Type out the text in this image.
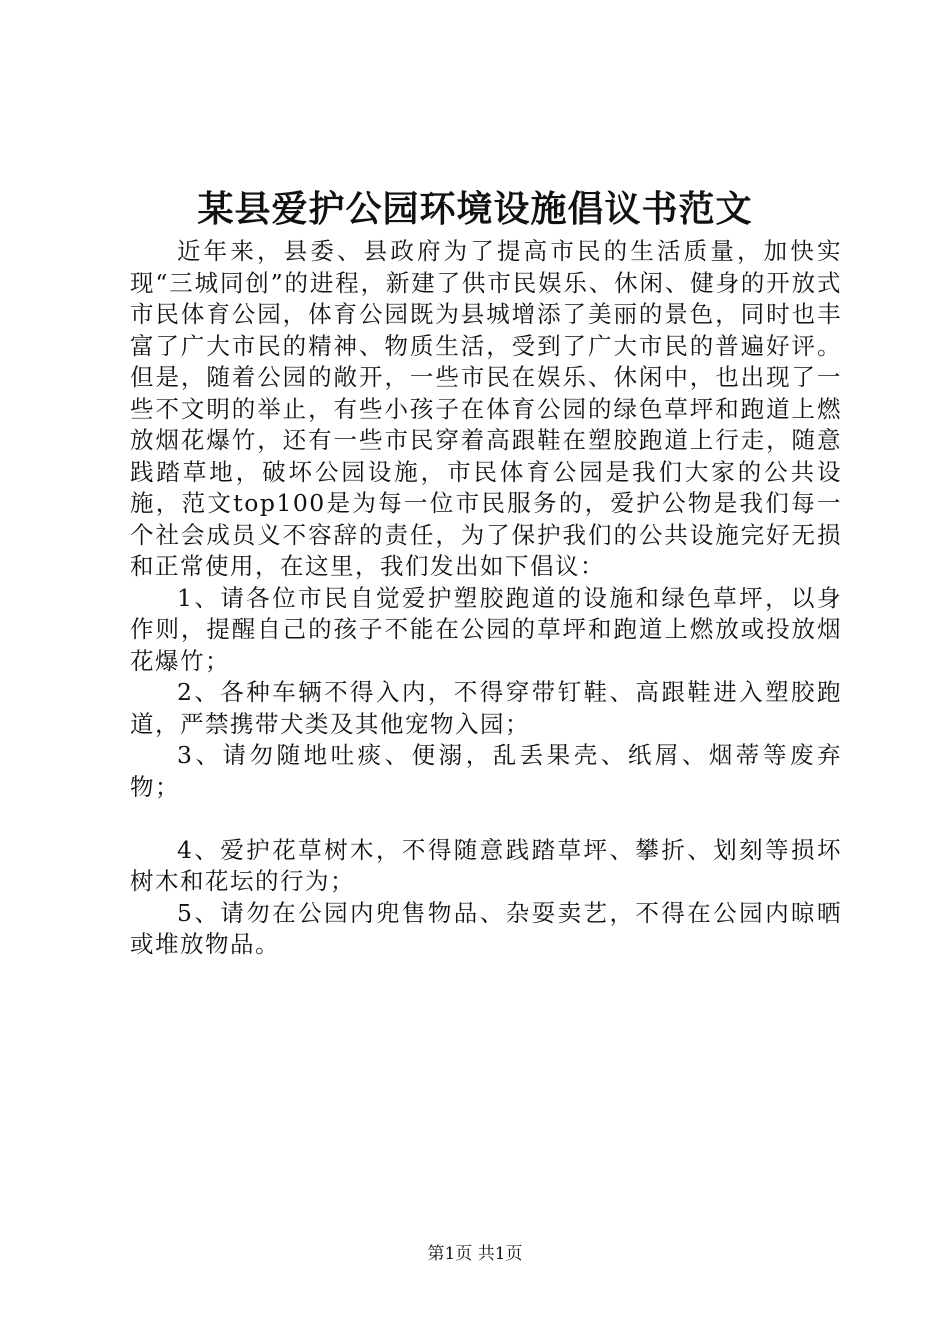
某县爱护公园环境设施倡议书范文

近年来，县委、县政府为了提高市民的生活质量，加快实现“三城同创”的进程，新建了供市民娱乐、休闲、健身的开放式市民体育公园，体育公园既为县城增添了美丽的景色，同时也丰富了广大市民的精神、物质生活，受到了广大市民的普遍好评。但是，随着公园的敞开，一些市民在娱乐、休闲中，也出现了一些不文明的举止，有些小孩子在体育公园的绿色草坪和跑道上燃放烟花爆竹，还有一些市民穿着高跟鞋在塑胶跑道上行走，随意践踏草地，破坏公园设施，市民体育公园是我们大家的公共设施，范文top100是为每一位市民服务的，爱护公物是我们每一个社会成员义不容辞的责任，为了保护我们的公共设施完好无损和正常使用，在这里，我们发出如下倡议：

1、请各位市民自觉爱护塑胶跑道的设施和绿色草坪，以身作则，提醒自己的孩子不能在公园的草坪和跑道上燃放或投放烟花爆竹；

2、各种车辆不得入内，不得穿带钉鞋、高跟鞋进入塑胶跑道，严禁携带犬类及其他宠物入园；

3、请勿随地吐痰、便溺，乱丢果壳、纸屑、烟蒂等废弃物；

4、爱护花草树木，不得随意践踏草坪、攀折、划刻等损坏树木和花坛的行为；

5、请勿在公园内兜售物品、杂耍卖艺，不得在公园内晾晒或堆放物品。

第1页 共1页
